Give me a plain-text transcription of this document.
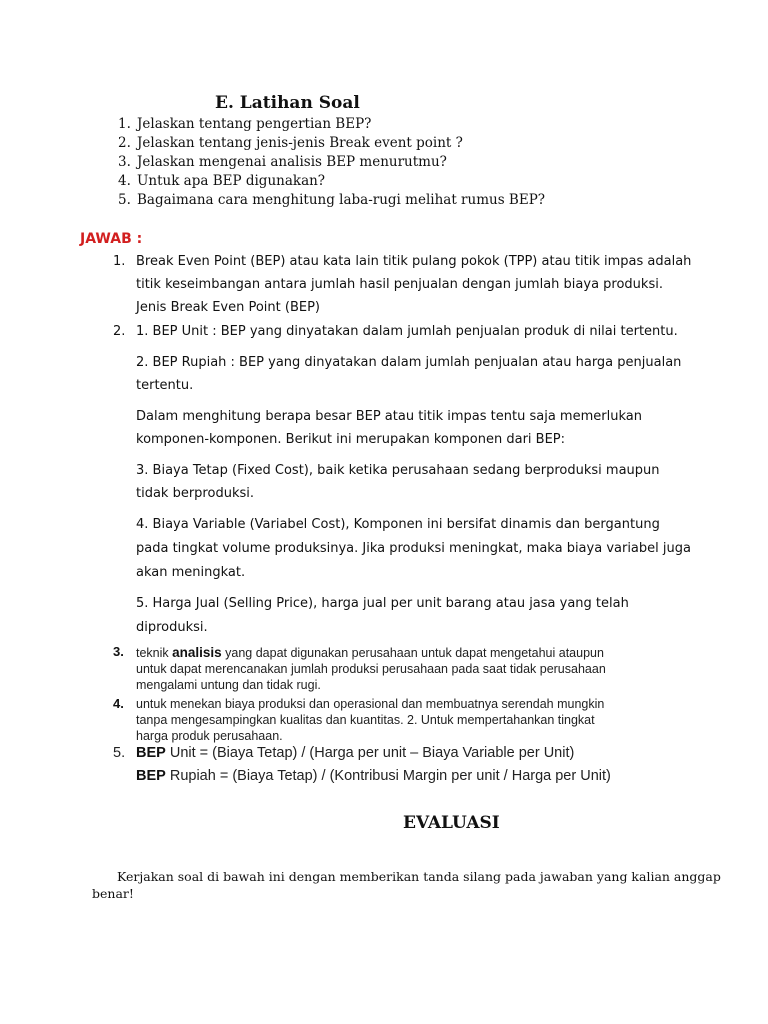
E. Latihan Soal
1. Jelaskan tentang pengertian BEP?
2. Jelaskan tentang jenis-jenis Break event point ?
3. Jelaskan mengenai analisis BEP menurutmu?
4. Untuk apa BEP digunakan?
5. Bagaimana cara menghitung laba-rugi melihat rumus BEP?
JAWAB :
1. Break Even Point (BEP) atau kata lain titik pulang pokok (TPP) atau titik impas adalah
titik keseimbangan antara jumlah hasil penjualan dengan jumlah biaya produksi.
Jenis Break Even Point (BEP)
2. 1. BEP Unit : BEP yang dinyatakan dalam jumlah penjualan produk di nilai tertentu.
2. BEP Rupiah : BEP yang dinyatakan dalam jumlah penjualan atau harga penjualan
tertentu.
Dalam menghitung berapa besar BEP atau titik impas tentu saja memerlukan
komponen-komponen. Berikut ini merupakan komponen dari BEP:
3. Biaya Tetap (Fixed Cost), baik ketika perusahaan sedang berproduksi maupun
tidak berproduksi.
4. Biaya Variable (Variabel Cost), Komponen ini bersifat dinamis dan bergantung
pada tingkat volume produksinya. Jika produksi meningkat, maka biaya variabel juga
akan meningkat.
5. Harga Jual (Selling Price), harga jual per unit barang atau jasa yang telah
diproduksi.
3. teknik analisis yang dapat digunakan perusahaan untuk dapat mengetahui ataupun
untuk dapat merencanakan jumlah produksi perusahaan pada saat tidak perusahaan
mengalami untung dan tidak rugi.
4. untuk menekan biaya produksi dan operasional dan membuatnya serendah mungkin
tanpa mengesampingkan kualitas dan kuantitas. 2. Untuk mempertahankan tingkat
harga produk perusahaan.
5. BEP Unit = (Biaya Tetap) / (Harga per unit – Biaya Variable per Unit)
BEP Rupiah = (Biaya Tetap) / (Kontribusi Margin per unit / Harga per Unit)
EVALUASI
Kerjakan soal di bawah ini dengan memberikan tanda silang pada jawaban yang kalian anggap
benar!
